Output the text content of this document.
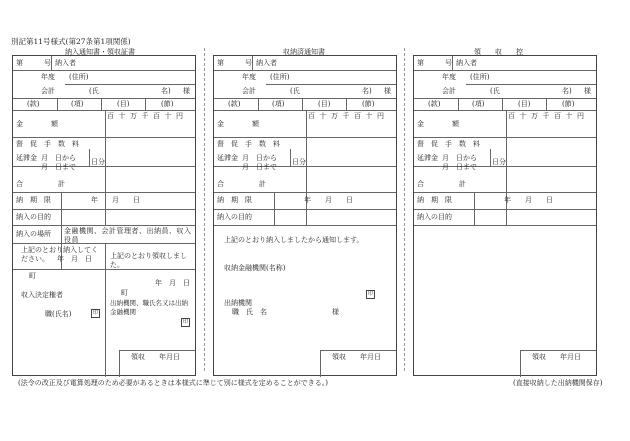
別記第11号様式(第27条第1項関係)
納入通知書・領収証書	収納済通知書	領　　収　　控
第　　　号 納入者
年度 (住所)
会計	(氏	名) 様
(款)	(項)	(目)	(節)
金　　　　額
百十万千百十円
督　促　手　数　料
延滞金 月　日から
月　日まで
日分
合　　　　　計
納　期　限	年　　月　　日
納入の目的
納入の場所 金融機関、会計管理者、出納員、収入役員
上記のとおり納入してください。	年　月　日
町
収入決定権者
職(氏名)	印
上記のとおり領収しました。
年　月　日
町
出納機関、職氏名又は出納金融機関
印
領収　　年月日
第　　　号 納入者
年度 (住所)
会計	(氏	名) 様
(款)	(項)	(目)	(節)
金　　　　額
百十万千百十円
督　促　手　数　料
延滞金 月　日から
月　日まで
日分
合　　　　　計
納　期　限	年　　月　　日
納入の目的
上記のとおり納入しましたから通知します。
収納金融機関(名称)
印
出納機関
職　氏　名	様
領収　　年月日
第　　　号 納入者
年度 (住所)
会計	(氏	名) 様
(款)	(項)	(目)	(節)
金　　　　額
百十万千百十円
督　促　手　数　料
延滞金 月　日から
月　日まで
日分
合　　　　　計
納　期　限	年　　月　　日
納入の目的
領収　　年月日
(法令の改正及び電算処理のため必要があるときは本様式に準じて別に様式を定めることができる。)	(直接収納した出納機関保存)
